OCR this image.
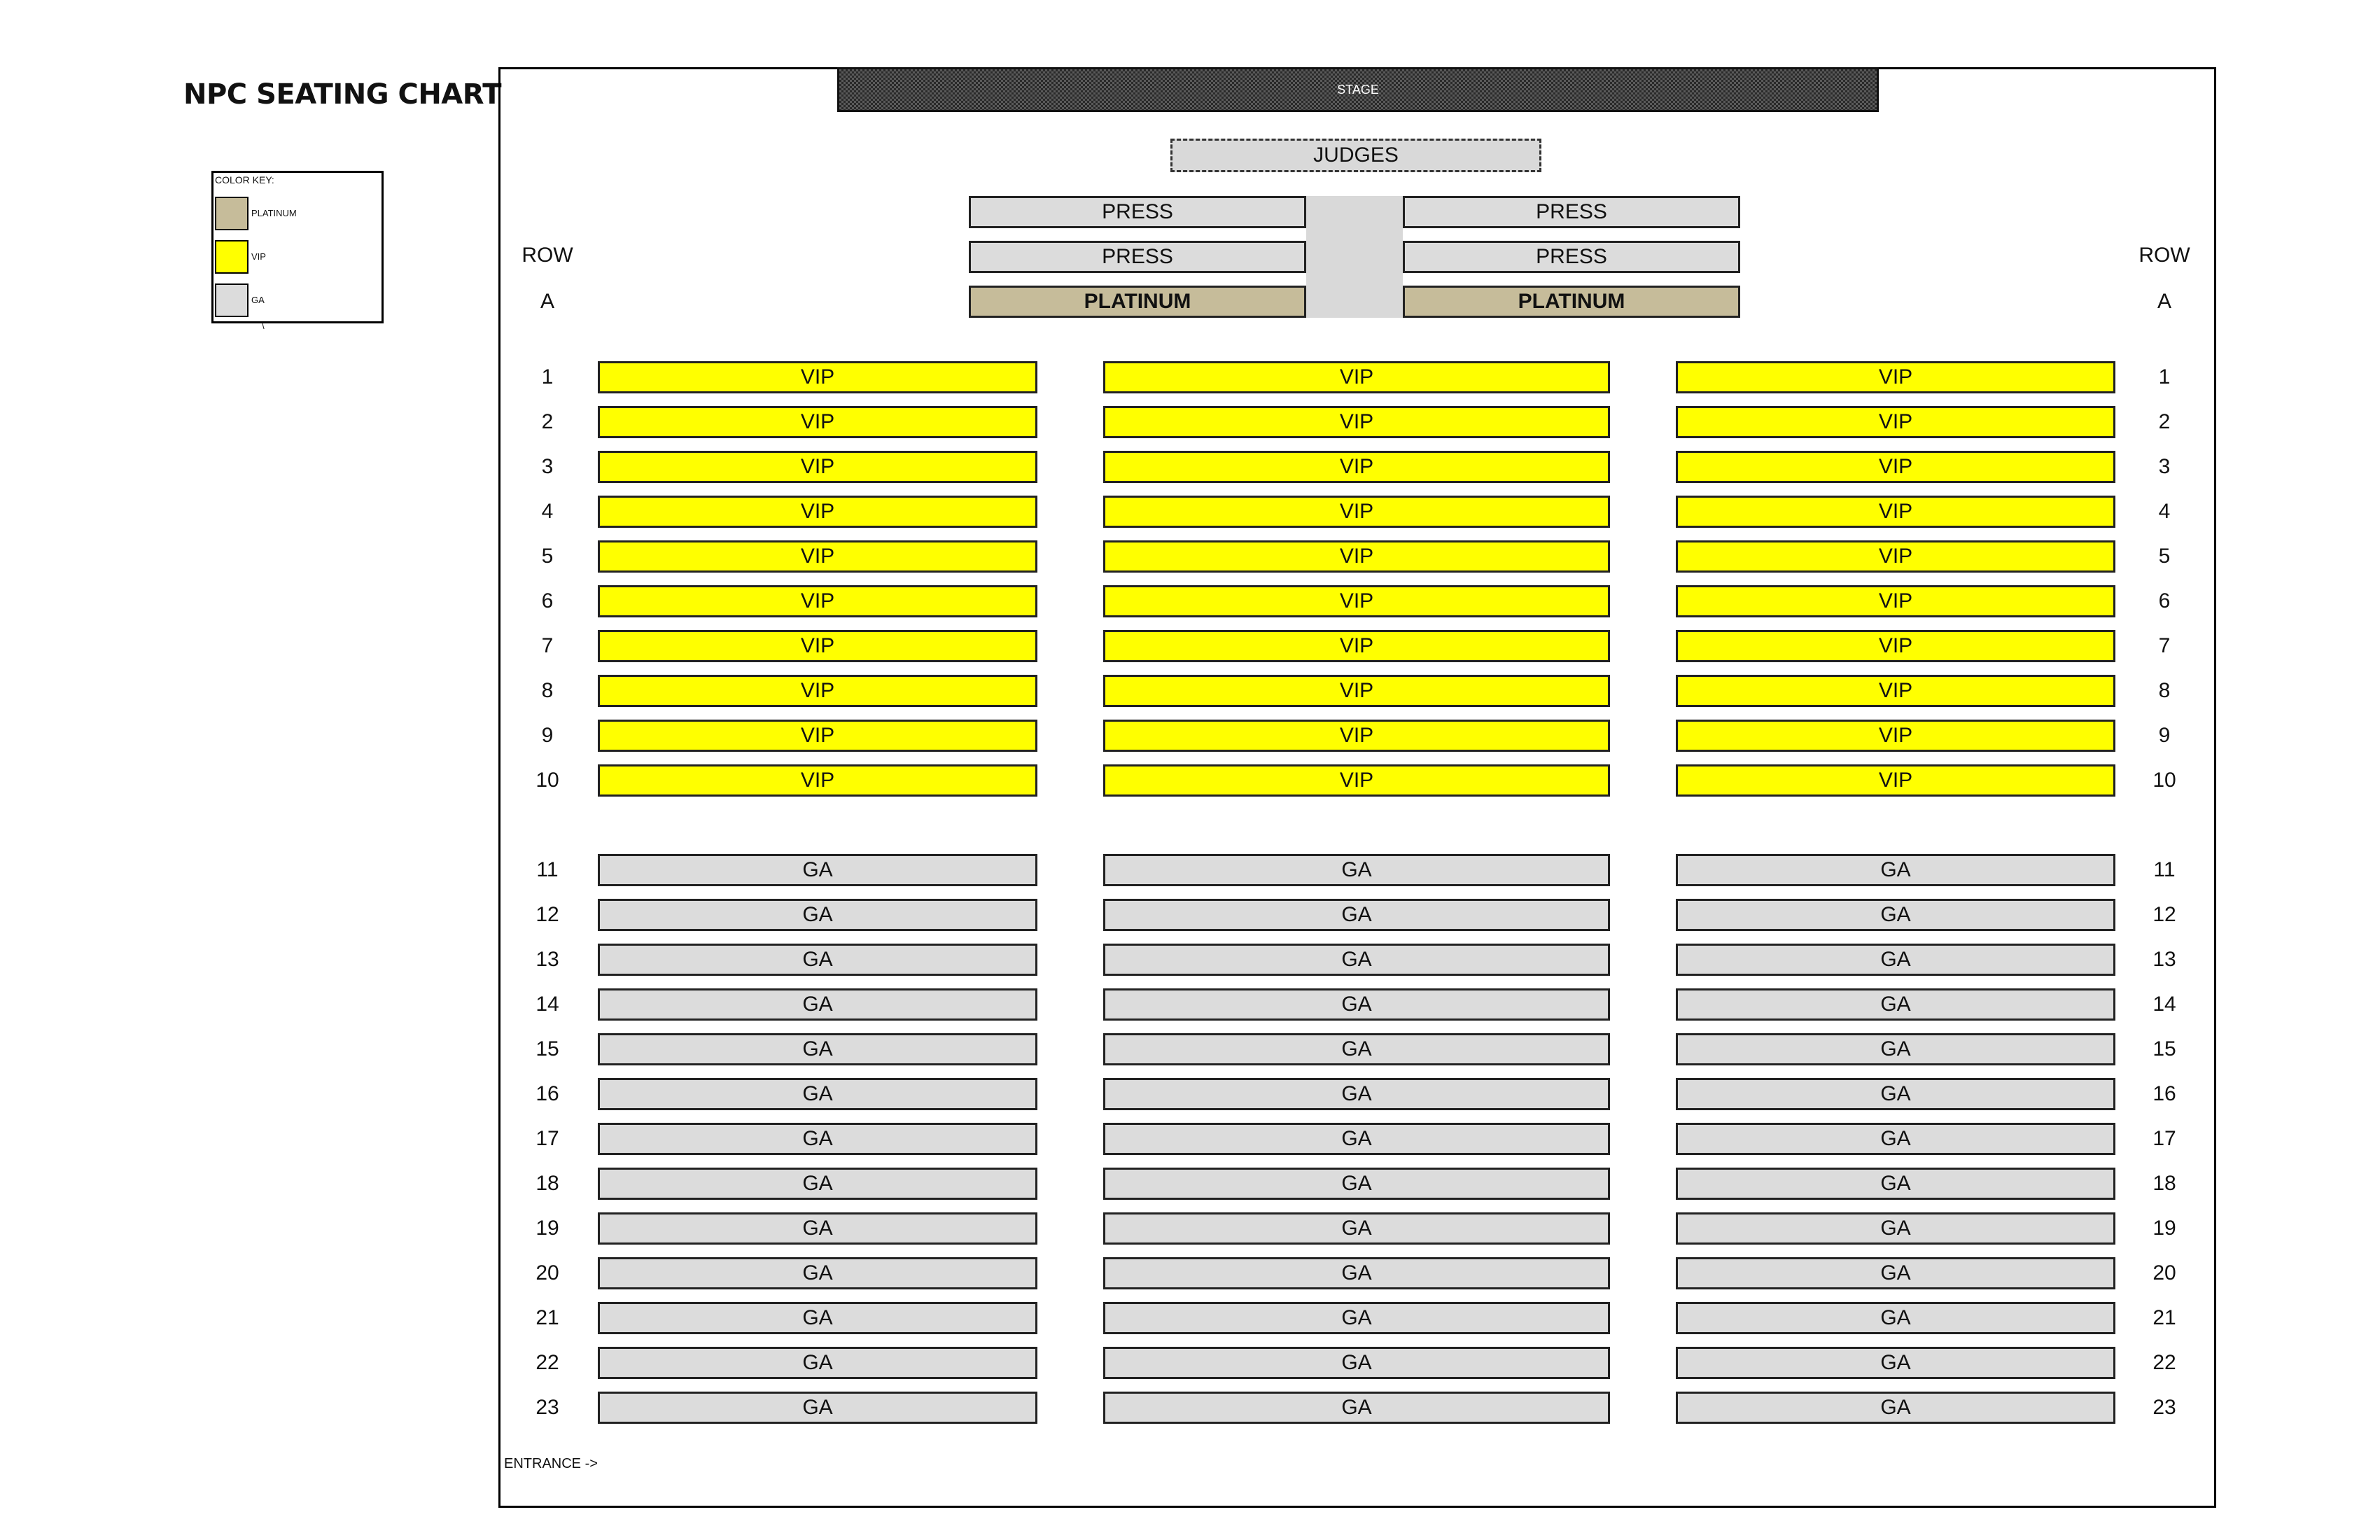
NPC SEATING CHART
COLOR KEY:
PLATINUM
VIP
GA
\
STAGE
JUDGES
PRESS	PRESS
PRESS	PRESS
ROW	ROW
A	A
PLATINUM	PLATINUM
1	1
VIP	VIP	VIP
2	2
VIP	VIP	VIP
3	3
VIP	VIP	VIP
4	4
VIP	VIP	VIP
5	5
VIP	VIP	VIP
6	6
VIP	VIP	VIP
7	7
VIP	VIP	VIP
8	8
VIP	VIP	VIP
9	9
VIP	VIP	VIP
10	10
VIP	VIP	VIP
11	11
GA	GA	GA
12	12
GA	GA	GA
13	13
GA	GA	GA
14	14
GA	GA	GA
15	15
GA	GA	GA
16	16
GA	GA	GA
17	17
GA	GA	GA
18	18
GA	GA	GA
19	19
GA	GA	GA
20	20
GA	GA	GA
21	21
GA	GA	GA
22	22
GA	GA	GA
23	23
GA	GA	GA
ENTRANCE ->
